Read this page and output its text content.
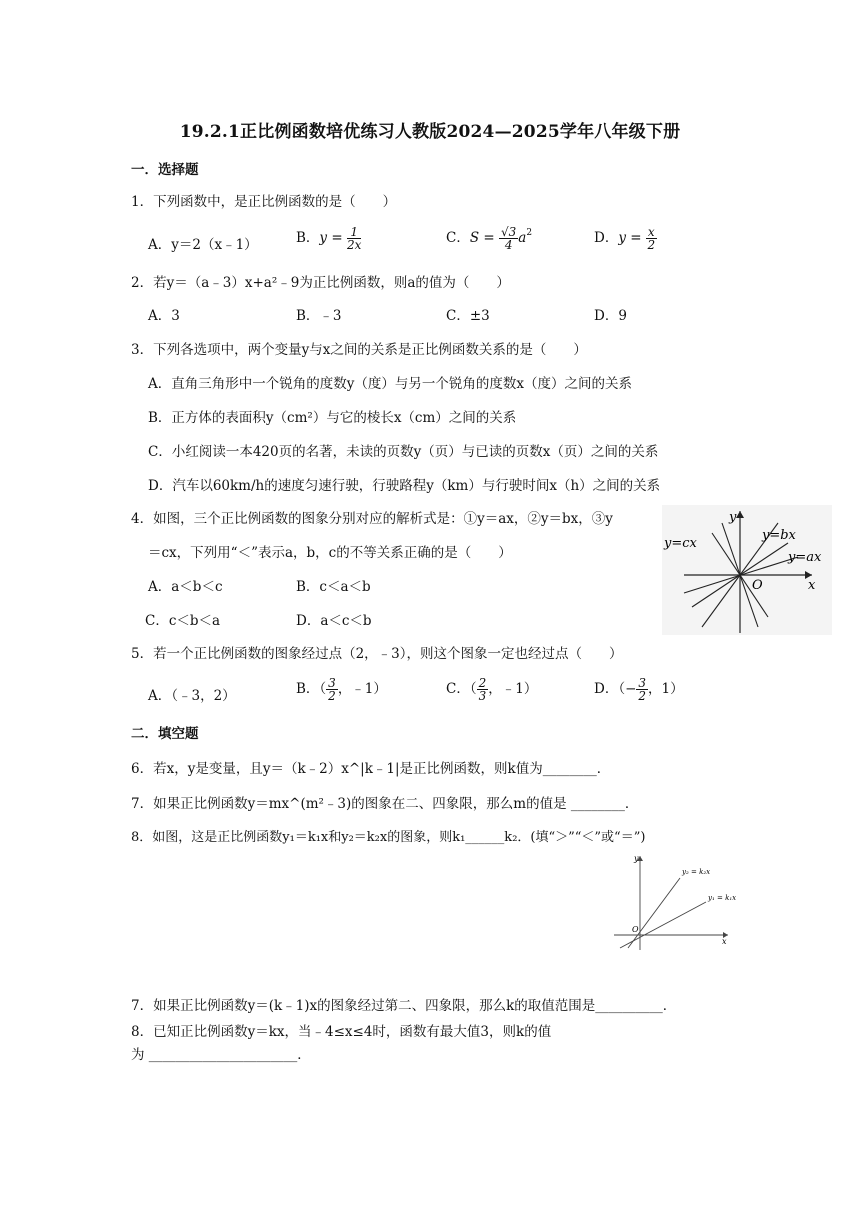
19.2.1正比例函数培优练习人教版2024—2025学年八年级下册
一．选择题
1．下列函数中，是正比例函数的是（　　）
A．y＝2（x﹣1）	B．$y = \frac{1}{2x}$	C．$S = \frac{√3}{4} a^2$	D．$y = \frac{x}{2}$
2．若y＝（a﹣3）x+a²﹣9为正比例函数，则a的值为（　　）
A．3	B．﹣3	C．±3	D．9
3．下列各选项中，两个变量y与x之间的关系是正比例函数关系的是（　　）
A．直角三角形中一个锐角的度数y（度）与另一个锐角的度数x（度）之间的关系
B．正方体的表面积y（cm²）与它的棱长x（cm）之间的关系
C．小红阅读一本420页的名著，未读的页数y（页）与已读的页数x（页）之间的关系
D．汽车以60km/h的速度匀速行驶，行驶路程y（km）与行驶时间x（h）之间的关系
4．如图，三个正比例函数的图象分别对应的解析式是：①y＝ax，②y＝bx，③y
＝cx，下列用“＜”表示a，b，c的不等关系正确的是（　　）
A．a＜b＜c	B．c＜a＜b
C．c＜b＜a	D．a＜c＜b
y
x
O
y=bx
y=ax
y=cx
5．若一个正比例函数的图象经过点（2，﹣3），则这个图象一定也经过点（　　）
A．（﹣3，2）	B．（ $\frac{3}{2}$ ，﹣1）	C．（ $\frac{2}{3}$ ，﹣1）	D．（− $\frac{3}{2}$ ，1）
二．填空题
6．若x，y是变量，且y＝（k﹣2）x^|k﹣1|是正比例函数，则k值为________．
7．如果正比例函数y＝mx^(m²﹣3)的图象在二、四象限，那么m的值是 ________．
8．如图，这是正比例函数y₁＝k₁x和y₂＝k₂x的图象，则k₁______k₂．(填“＞”“＜”或“＝”)
y
x
O
y₂ = k₂x
y₁ = k₁x
7．如果正比例函数y＝(k﹣1)x的图象经过第二、四象限，那么k的取值范围是__________．
8．已知正比例函数y＝kx，当﹣4≤x≤4时，函数有最大值3，则k的值
为 ______________________．
